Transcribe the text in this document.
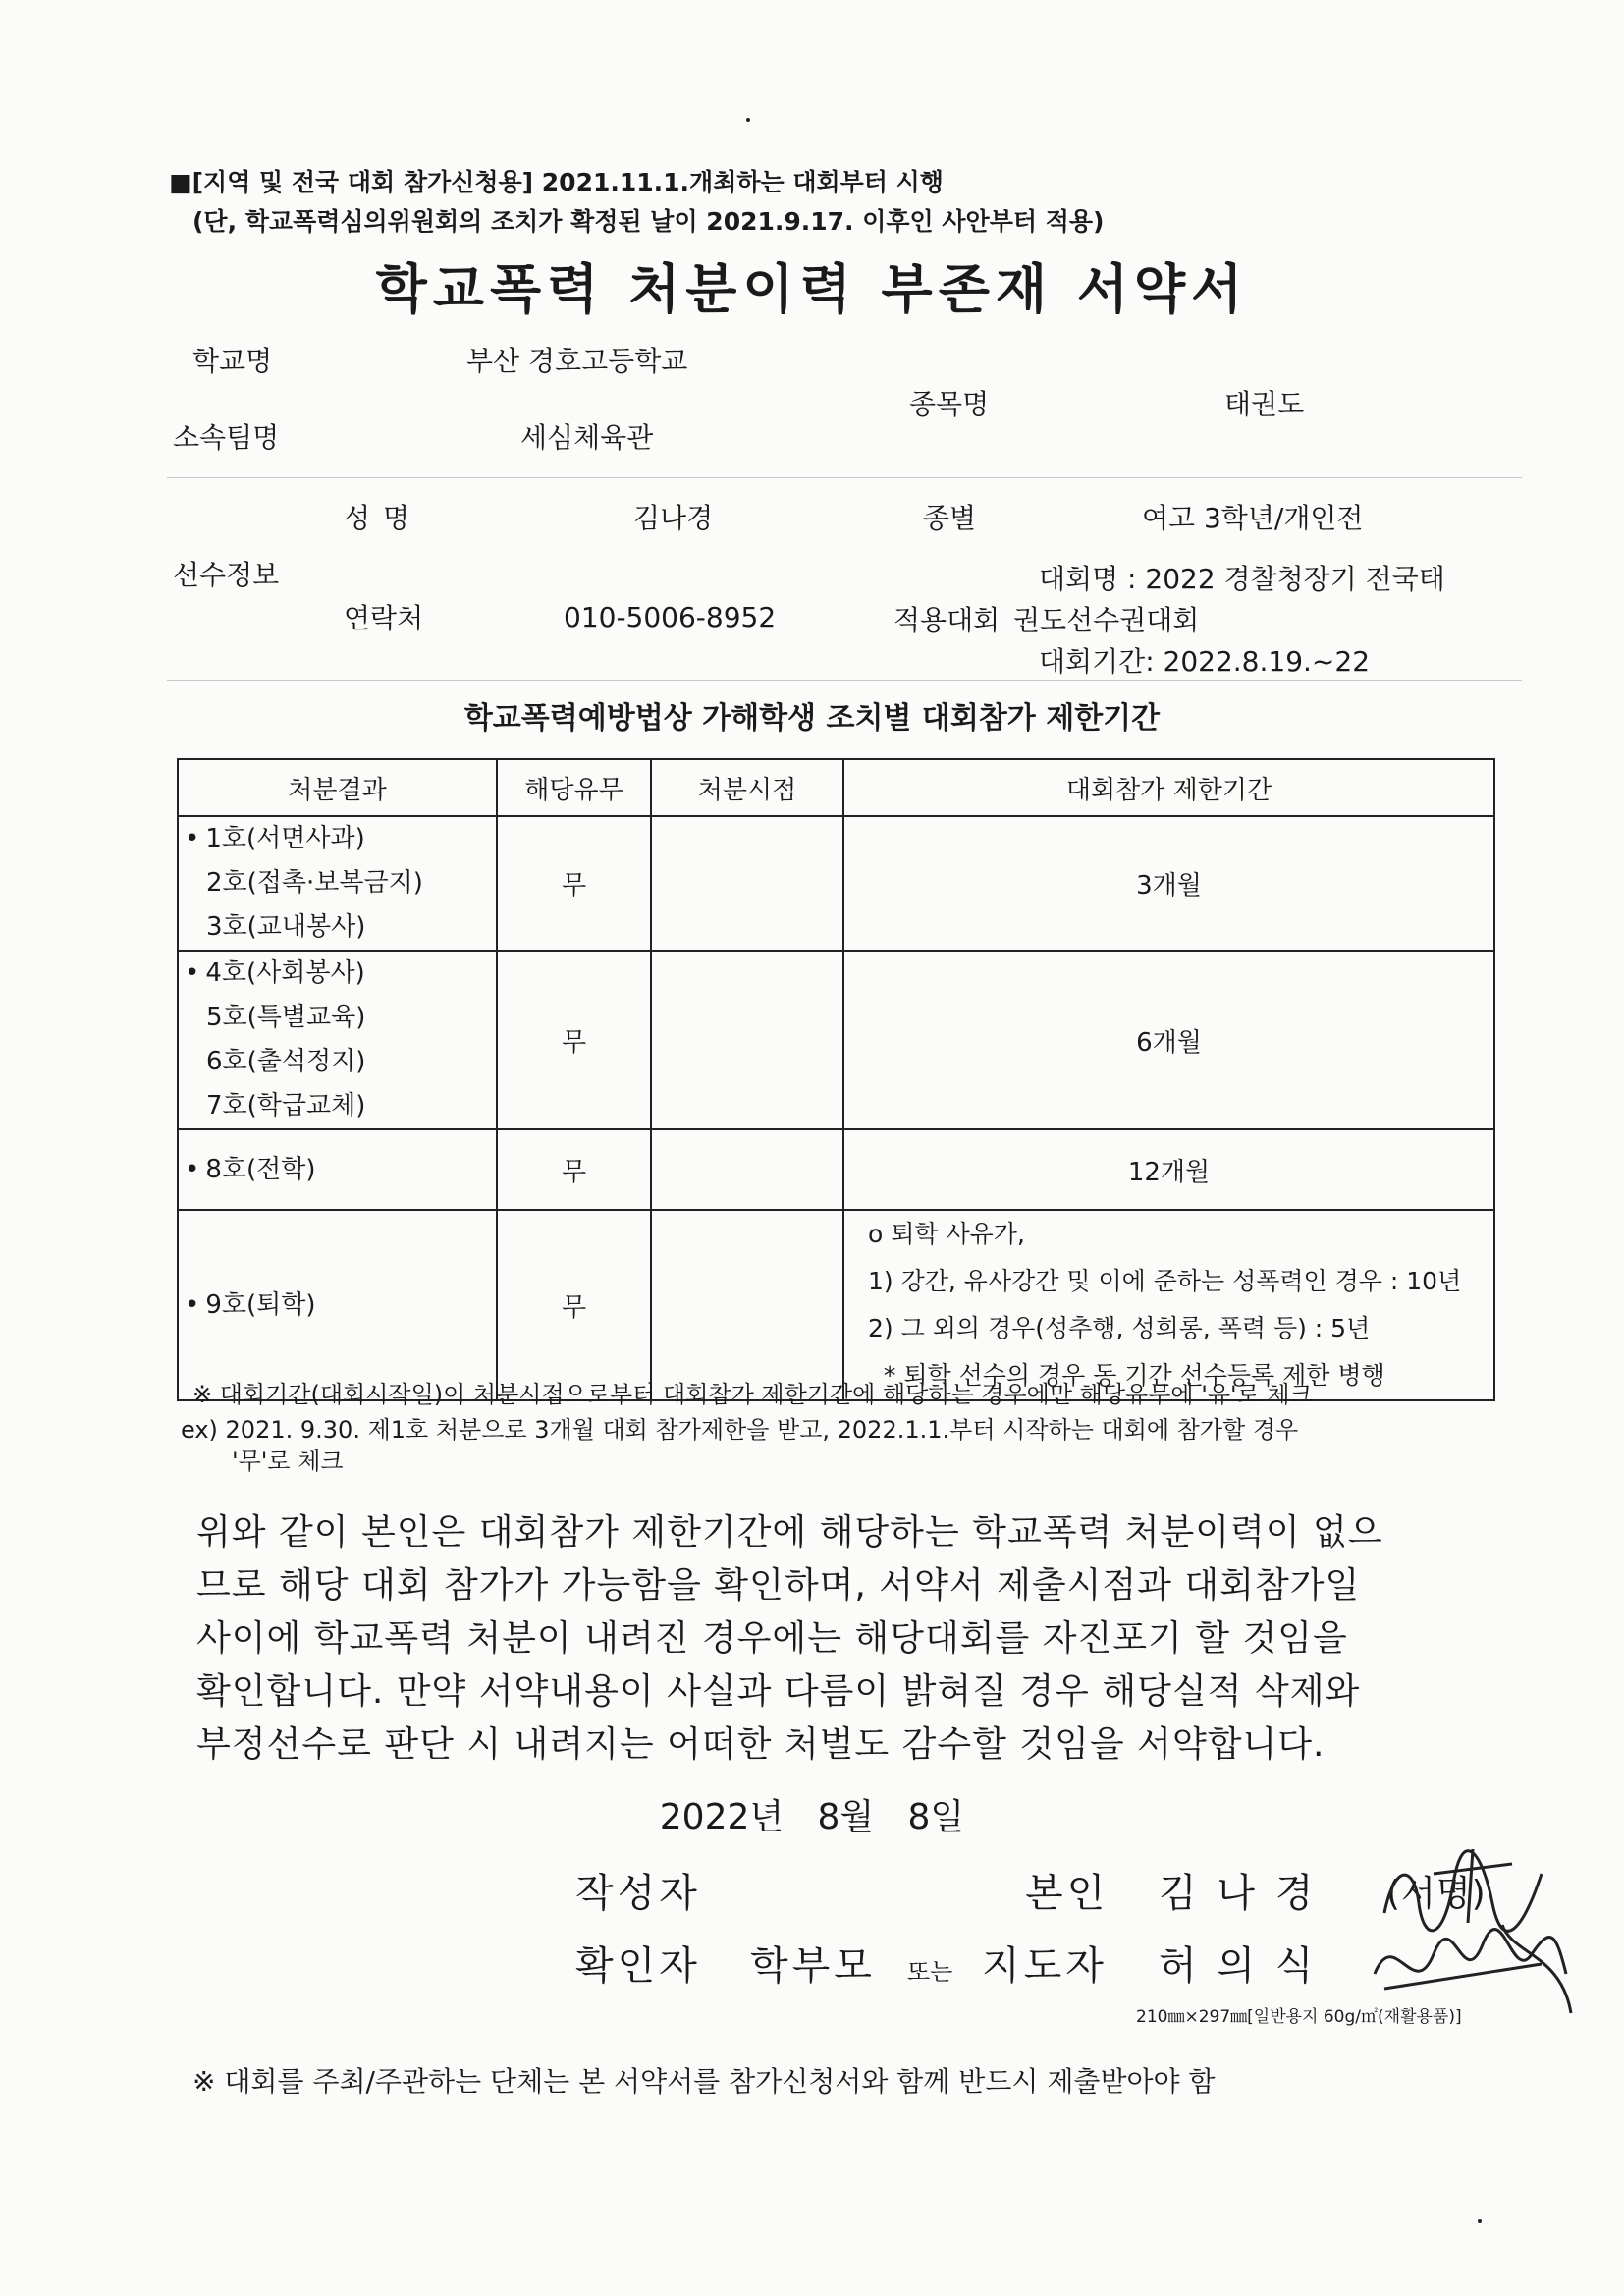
■[지역 및 전국 대회 참가신청용] 2021.11.1.개최하는 대회부터 시행
(단, 학교폭력심의위원회의 조치가 확정된 날이 2021.9.17. 이후인 사안부터 적용)
학교폭력 처분이력 부존재 서약서
학교명	부산 경호고등학교
종목명	태권도
소속팀명	세심체육관
성 명	김나경	종별	여고 3학년/개인전
선수정보	대회명 : 2022 경찰청장기 전국태
연락처	010-5006-8952	적용대회 권도선수권대회
대회기간: 2022.8.19.~22
학교폭력예방법상 가해학생 조치별 대회참가 제한기간
처분결과	해당유무	처분시점	대회참가 제한기간

• 1호(서면사과)
2호(접촉·보복금지)
3호(교내봉사)	무		3개월

• 4호(사회봉사)
5호(특별교육)
6호(출석정지)
7호(학급교체)	무		6개월

• 8호(전학)	무		12개월

• 9호(퇴학)	무		o 퇴학 사유가,
1) 강간, 유사강간 및 이에 준하는 성폭력인 경우 : 10년
2) 그 외의 경우(성추행, 성희롱, 폭력 등) : 5년
* 퇴학 선수의 경우 동 기간 선수등록 제한 병행
※ 대회기간(대회시작일)이 처분시점으로부터 대회참가 제한기간에 해당하는 경우에만 해당유무에 '유'로 체크
ex) 2021. 9.30. 제1호 처분으로 3개월 대회 참가제한을 받고, 2022.1.1.부터 시작하는 대회에 참가할 경우
'무'로 체크
위와 같이 본인은 대회참가 제한기간에 해당하는 학교폭력 처분이력이 없으
므로 해당 대회 참가가 가능함을 확인하며, 서약서 제출시점과 대회참가일
사이에 학교폭력 처분이 내려진 경우에는 해당대회를 자진포기 할 것임을
확인합니다. 만약 서약내용이 사실과 다름이 밝혀질 경우 해당실적 삭제와
부정선수로 판단 시 내려지는 어떠한 처벌도 감수할 것임을 서약합니다.
2022년   8월   8일
작성자	본인 김 나 경 (서명)
확인자 학부모 또는 지도자 허 의 식
210㎜×297㎜[일반용지 60g/㎡(재활용품)]
※ 대회를 주최/주관하는 단체는 본 서약서를 참가신청서와 함께 반드시 제출받아야 함
